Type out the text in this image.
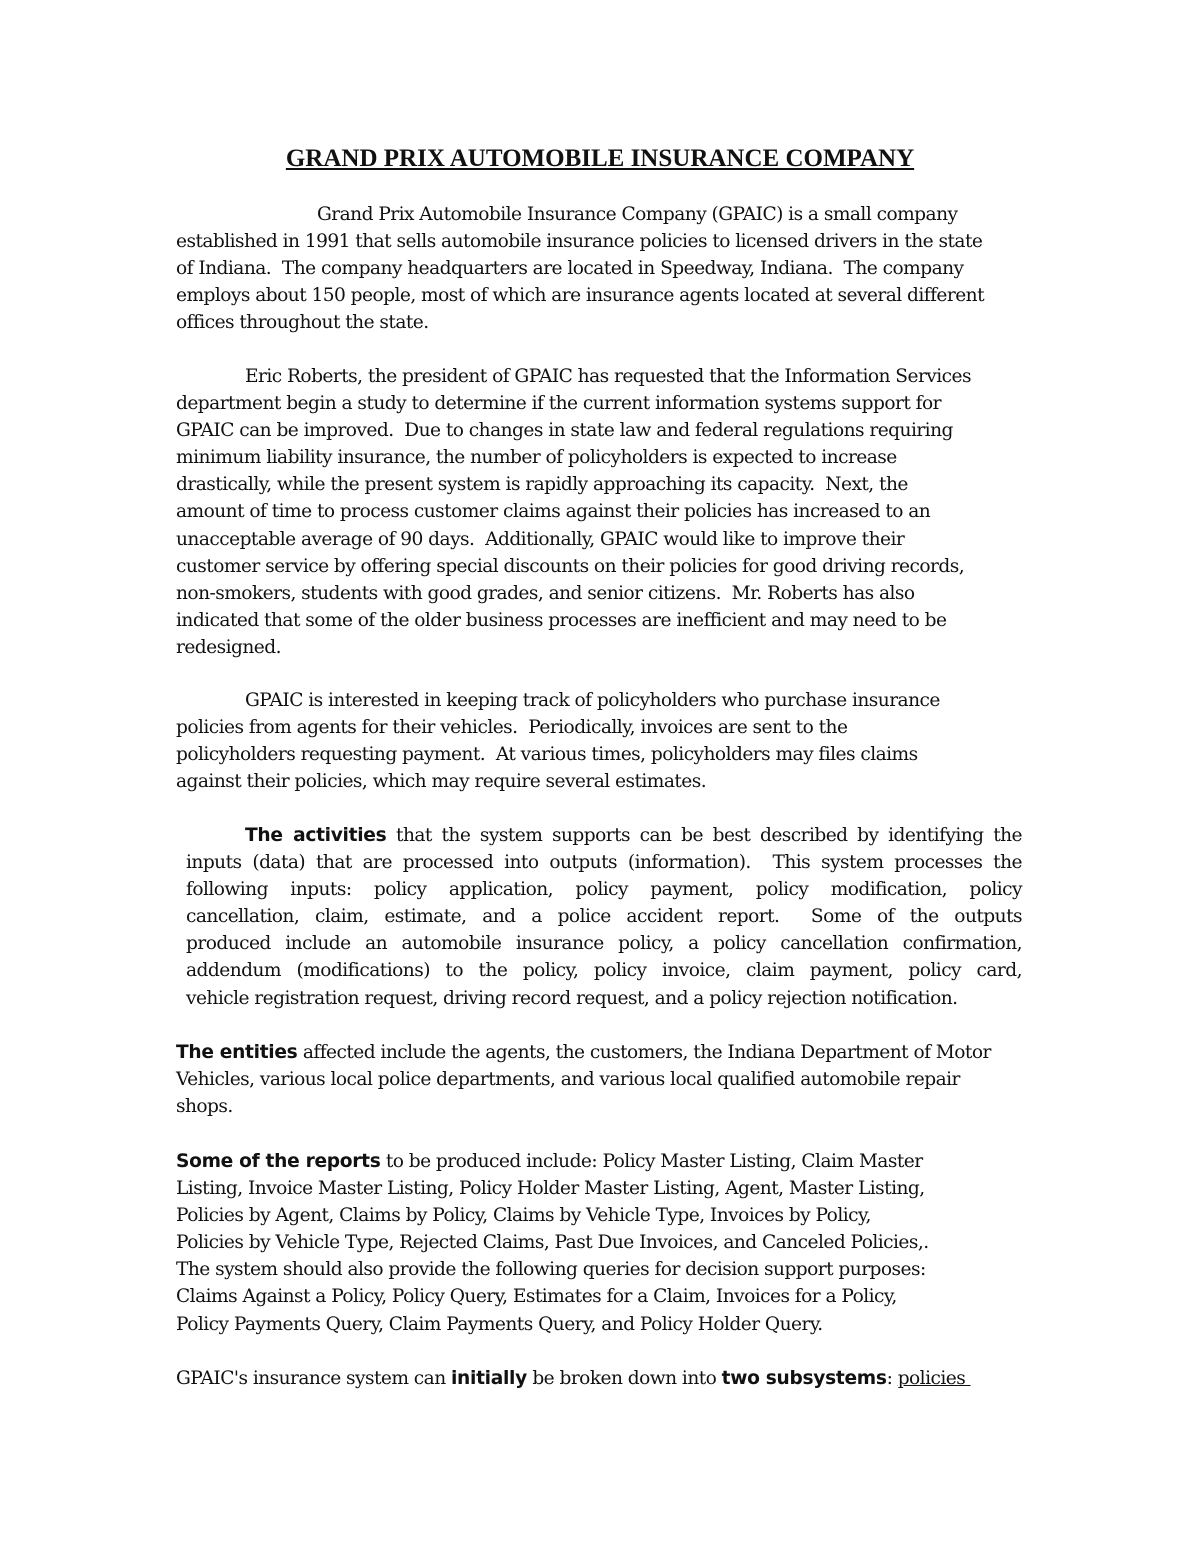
GRAND PRIX AUTOMOBILE INSURANCE COMPANY
Grand Prix Automobile Insurance Company (GPAIC) is a small company
established in 1991 that sells automobile insurance policies to licensed drivers in the state
of Indiana.  The company headquarters are located in Speedway, Indiana.  The company
employs about 150 people, most of which are insurance agents located at several different
offices throughout the state.
Eric Roberts, the president of GPAIC has requested that the Information Services
department begin a study to determine if the current information systems support for
GPAIC can be improved.  Due to changes in state law and federal regulations requiring
minimum liability insurance, the number of policyholders is expected to increase
drastically, while the present system is rapidly approaching its capacity.  Next, the
amount of time to process customer claims against their policies has increased to an
unacceptable average of 90 days.  Additionally, GPAIC would like to improve their
customer service by offering special discounts on their policies for good driving records,
non-smokers, students with good grades, and senior citizens.  Mr. Roberts has also
indicated that some of the older business processes are inefficient and may need to be
redesigned.
GPAIC is interested in keeping track of policyholders who purchase insurance
policies from agents for their vehicles.  Periodically, invoices are sent to the
policyholders requesting payment.  At various times, policyholders may files claims
against their policies, which may require several estimates.
The activities that the system supports can be best described by identifying the
inputs (data) that are processed into outputs (information).  This system processes the
following inputs: policy application, policy payment, policy modification, policy
cancellation, claim, estimate, and a police accident report.  Some of the outputs
produced include an automobile insurance policy, a policy cancellation confirmation,
addendum (modifications) to the policy, policy invoice, claim payment, policy card,
vehicle registration request, driving record request, and a policy rejection notification.
The entities affected include the agents, the customers, the Indiana Department of Motor
Vehicles, various local police departments, and various local qualified automobile repair
shops.
Some of the reports to be produced include: Policy Master Listing, Claim Master
Listing, Invoice Master Listing, Policy Holder Master Listing, Agent, Master Listing,
Policies by Agent, Claims by Policy, Claims by Vehicle Type, Invoices by Policy,
Policies by Vehicle Type, Rejected Claims, Past Due Invoices, and Canceled Policies,.
The system should also provide the following queries for decision support purposes:
Claims Against a Policy, Policy Query, Estimates for a Claim, Invoices for a Policy,
Policy Payments Query, Claim Payments Query, and Policy Holder Query.
GPAIC's insurance system can initially be broken down into two subsystems: policies
